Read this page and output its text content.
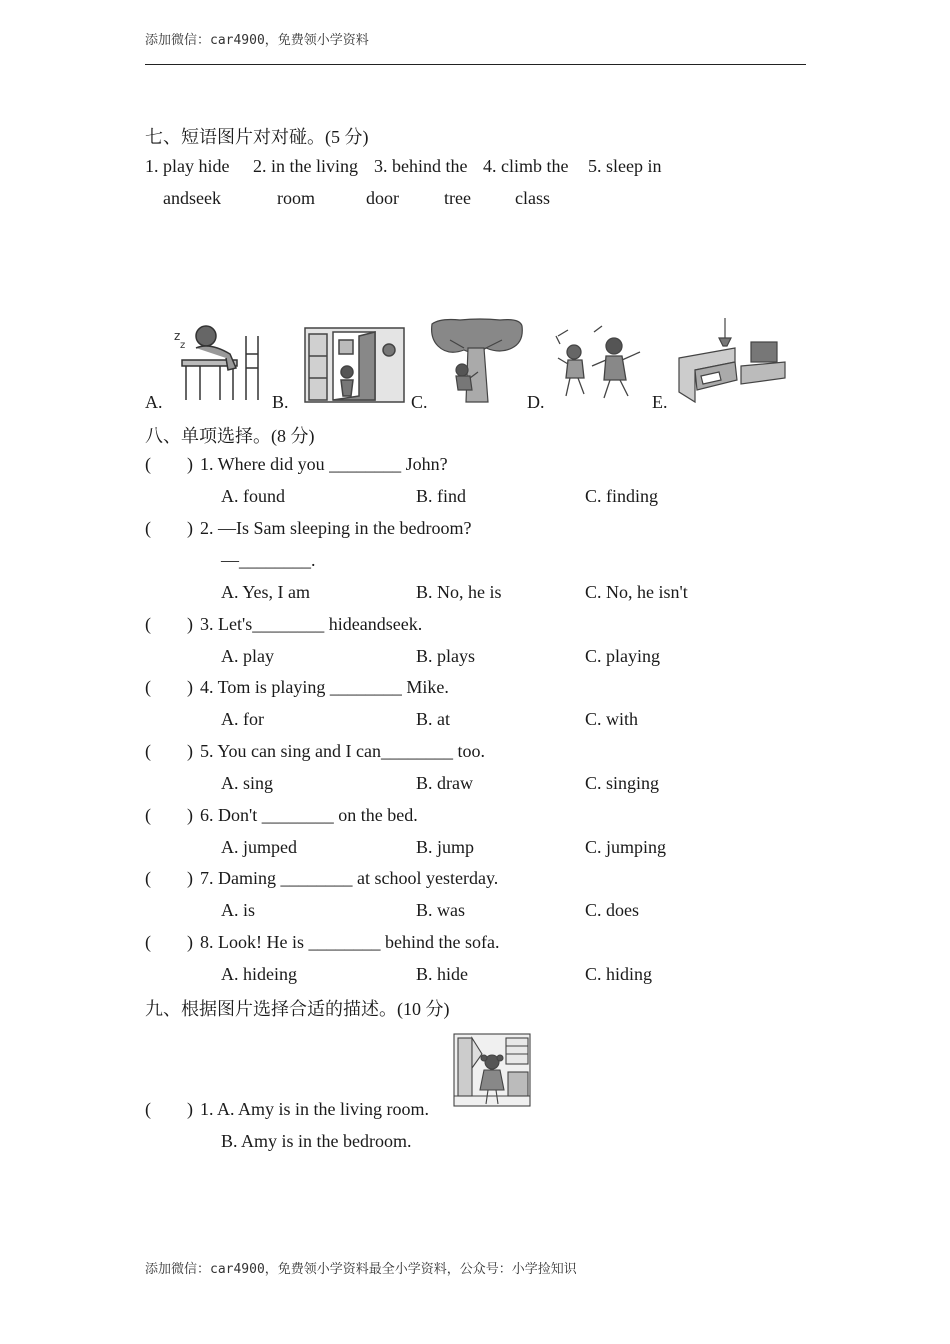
添加微信：car4900，免费领小学资料
七、短语图片对对碰。(5 分)
1. play hide
andseek
2. in the living
room
3. behind the
door
4. climb the
tree
5. sleep in
class
A.	B.	C.	D.	E.
z
z
八、单项选择。(8 分)
( ) 1. Where did you ________ John?
A. found	B. find	C. finding
( ) 2. —Is Sam sleeping in the bedroom?
—________.
A. Yes, I am	B. No, he is	C. No, he isn't
( ) 3. Let's________ hideandseek.
A. play	B. plays	C. playing
( ) 4. Tom is playing ________ Mike.
A. for	B. at	C. with
( ) 5. You can sing and I can________ too.
A. sing	B. draw	C. singing
( ) 6. Don't ________ on the bed.
A. jumped	B. jump	C. jumping
( ) 7. Daming ________ at school yesterday.
A. is	B. was	C. does
( ) 8. Look! He is ________ behind the sofa.
A. hideing	B. hide	C. hiding
九、根据图片选择合适的描述。(10 分)
( ) 1. A. Amy is in the living room.
B. Amy is in the bedroom.
添加微信：car4900，免费领小学资料最全小学资料，公众号：小学捡知识
